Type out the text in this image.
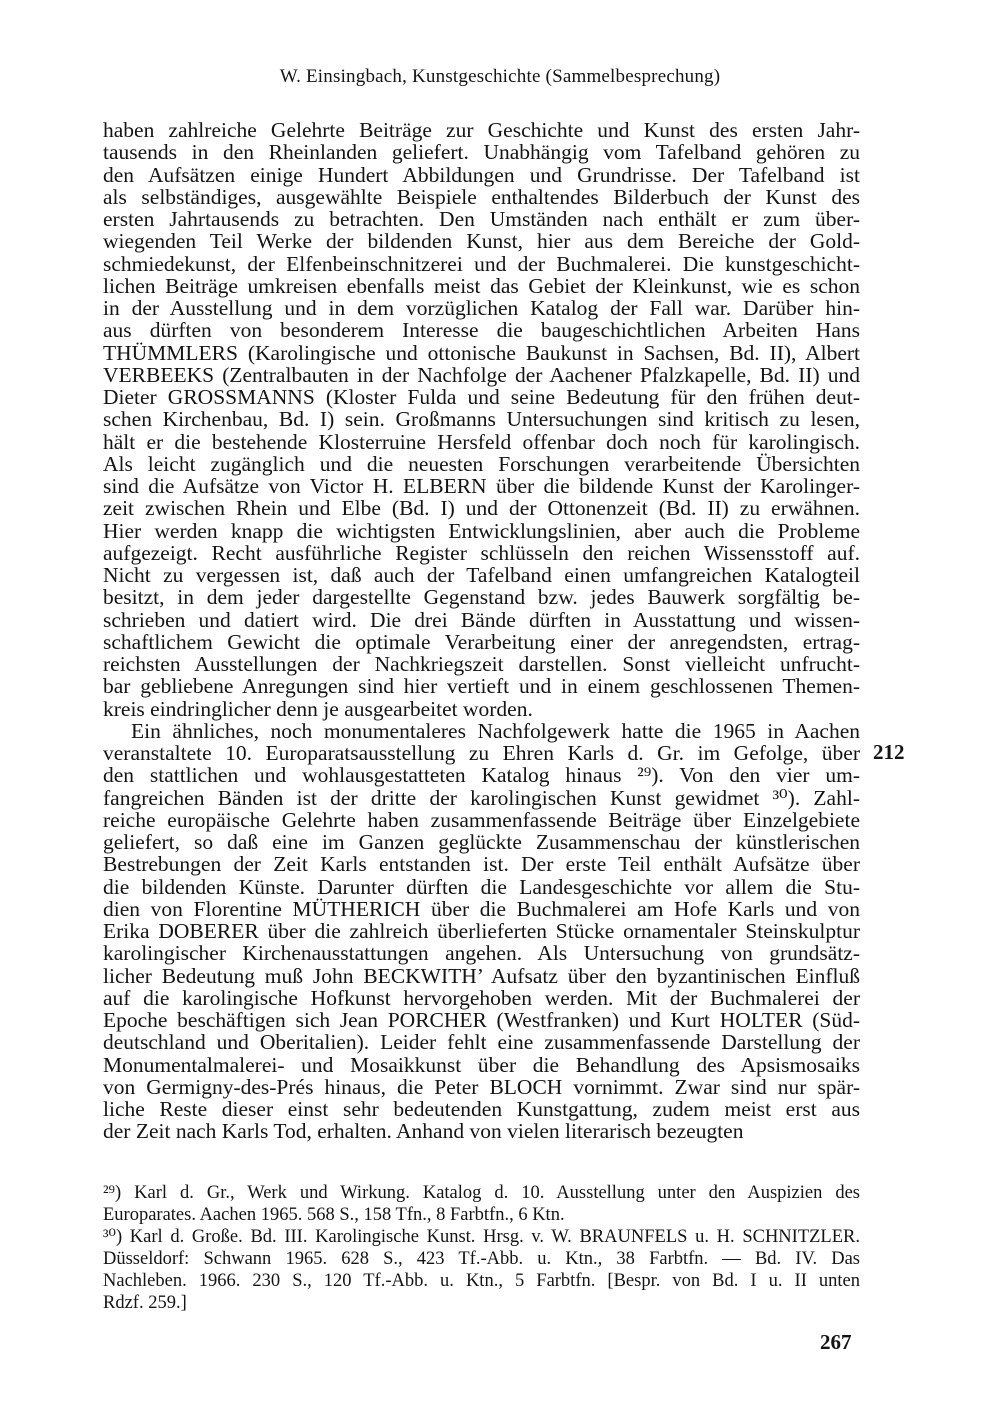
W. Einsingbach, Kunstgeschichte (Sammelbesprechung)
haben zahlreiche Gelehrte Beiträge zur Geschichte und Kunst des ersten Jahr-
tausends in den Rheinlanden geliefert. Unabhängig vom Tafelband gehören zu
den Aufsätzen einige Hundert Abbildungen und Grundrisse. Der Tafelband ist
als selbständiges, ausgewählte Beispiele enthaltendes Bilderbuch der Kunst des
ersten Jahrtausends zu betrachten. Den Umständen nach enthält er zum über-
wiegenden Teil Werke der bildenden Kunst, hier aus dem Bereiche der Gold-
schmiedekunst, der Elfenbeinschnitzerei und der Buchmalerei. Die kunstgeschicht-
lichen Beiträge umkreisen ebenfalls meist das Gebiet der Kleinkunst, wie es schon
in der Ausstellung und in dem vorzüglichen Katalog der Fall war. Darüber hin-
aus dürften von besonderem Interesse die baugeschichtlichen Arbeiten Hans
THÜMMLERS (Karolingische und ottonische Baukunst in Sachsen, Bd. II), Albert
VERBEEKS (Zentralbauten in der Nachfolge der Aachener Pfalzkapelle, Bd. II) und
Dieter GROSSMANNS (Kloster Fulda und seine Bedeutung für den frühen deut-
schen Kirchenbau, Bd. I) sein. Großmanns Untersuchungen sind kritisch zu lesen,
hält er die bestehende Klosterruine Hersfeld offenbar doch noch für karolingisch.
Als leicht zugänglich und die neuesten Forschungen verarbeitende Übersichten
sind die Aufsätze von Victor H. ELBERN über die bildende Kunst der Karolinger-
zeit zwischen Rhein und Elbe (Bd. I) und der Ottonenzeit (Bd. II) zu erwähnen.
Hier werden knapp die wichtigsten Entwicklungslinien, aber auch die Probleme
aufgezeigt. Recht ausführliche Register schlüsseln den reichen Wissensstoff auf.
Nicht zu vergessen ist, daß auch der Tafelband einen umfangreichen Katalogteil
besitzt, in dem jeder dargestellte Gegenstand bzw. jedes Bauwerk sorgfältig be-
schrieben und datiert wird. Die drei Bände dürften in Ausstattung und wissen-
schaftlichem Gewicht die optimale Verarbeitung einer der anregendsten, ertrag-
reichsten Ausstellungen der Nachkriegszeit darstellen. Sonst vielleicht unfrucht-
bar gebliebene Anregungen sind hier vertieft und in einem geschlossenen Themen-
kreis eindringlicher denn je ausgearbeitet worden.
Ein ähnliches, noch monumentaleres Nachfolgewerk hatte die 1965 in Aachen
veranstaltete 10. Europaratsausstellung zu Ehren Karls d. Gr. im Gefolge, über
den stattlichen und wohlausgestatteten Katalog hinaus ²⁹). Von den vier um-
fangreichen Bänden ist der dritte der karolingischen Kunst gewidmet ³⁰). Zahl-
reiche europäische Gelehrte haben zusammenfassende Beiträge über Einzelgebiete
geliefert, so daß eine im Ganzen geglückte Zusammenschau der künstlerischen
Bestrebungen der Zeit Karls entstanden ist. Der erste Teil enthält Aufsätze über
die bildenden Künste. Darunter dürften die Landesgeschichte vor allem die Stu-
dien von Florentine MÜTHERICH über die Buchmalerei am Hofe Karls und von
Erika DOBERER über die zahlreich überlieferten Stücke ornamentaler Steinskulptur
karolingischer Kirchenausstattungen angehen. Als Untersuchung von grundsätz-
licher Bedeutung muß John BECKWITH’ Aufsatz über den byzantinischen Einfluß
auf die karolingische Hofkunst hervorgehoben werden. Mit der Buchmalerei der
Epoche beschäftigen sich Jean PORCHER (Westfranken) und Kurt HOLTER (Süd-
deutschland und Oberitalien). Leider fehlt eine zusammenfassende Darstellung der
Monumentalmalerei- und Mosaikkunst über die Behandlung des Apsismosaiks
von Germigny-des-Prés hinaus, die Peter BLOCH vornimmt. Zwar sind nur spär-
liche Reste dieser einst sehr bedeutenden Kunstgattung, zudem meist erst aus
der Zeit nach Karls Tod, erhalten. Anhand von vielen literarisch bezeugten
212
²⁹) Karl d. Gr., Werk und Wirkung. Katalog d. 10. Ausstellung unter den Auspizien des
Europarates. Aachen 1965. 568 S., 158 Tfn., 8 Farbtfn., 6 Ktn.
³⁰) Karl d. Große. Bd. III. Karolingische Kunst. Hrsg. v. W. BRAUNFELS u. H. SCHNITZLER.
Düsseldorf: Schwann 1965. 628 S., 423 Tf.-Abb. u. Ktn., 38 Farbtfn. — Bd. IV. Das
Nachleben. 1966. 230 S., 120 Tf.-Abb. u. Ktn., 5 Farbtfn. [Bespr. von Bd. I u. II unten
Rdzf. 259.]
267
